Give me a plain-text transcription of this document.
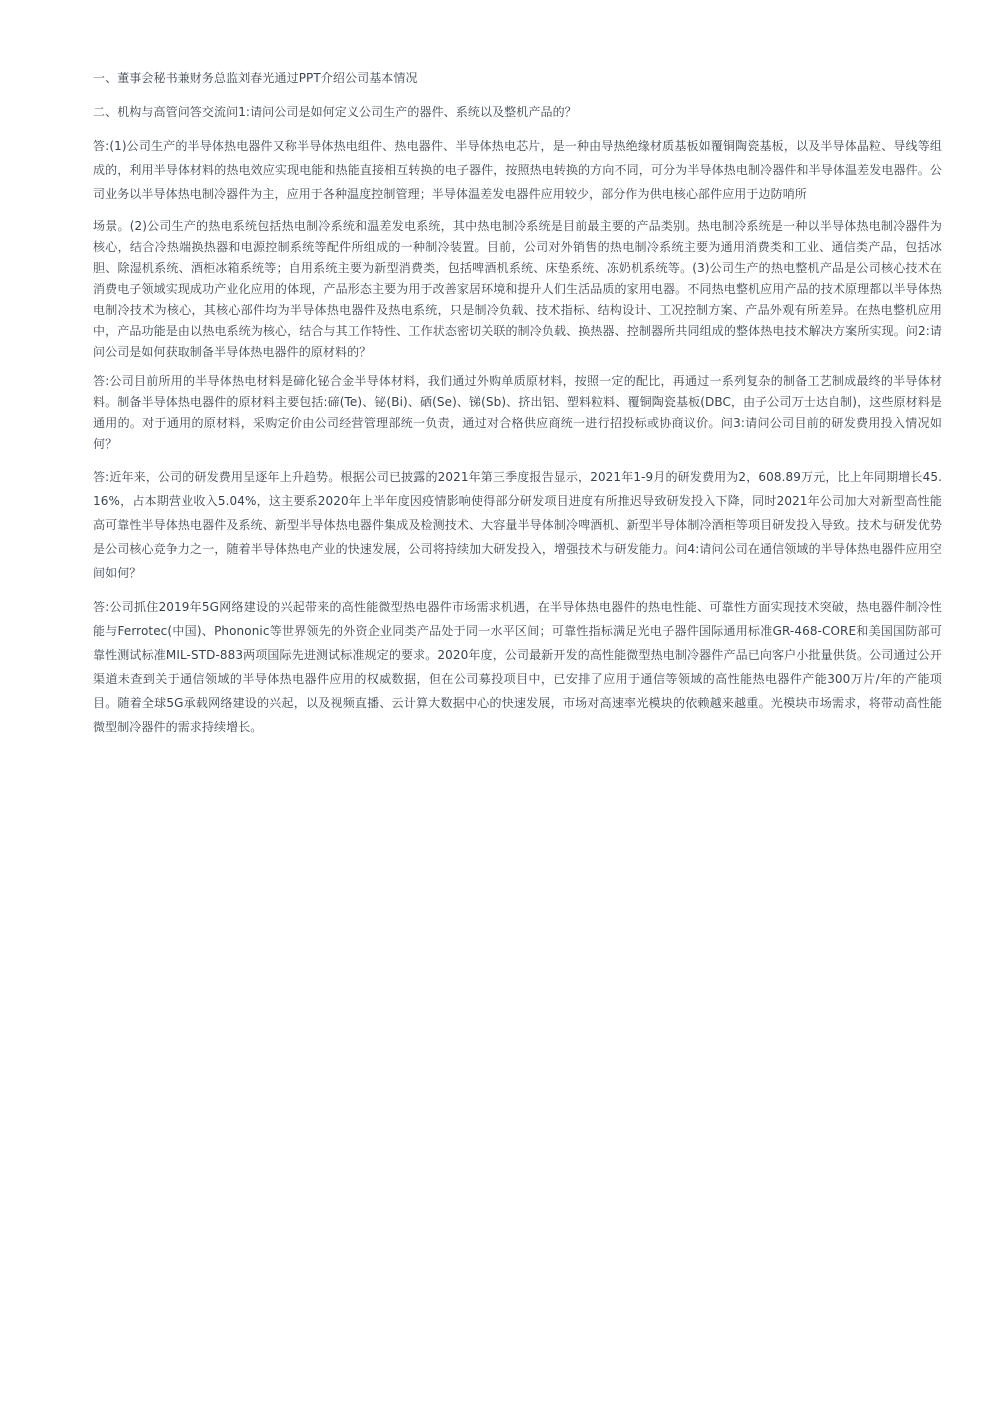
一、董事会秘书兼财务总监刘春光通过PPT介绍公司基本情况

二、机构与高管问答交流问1:请问公司是如何定义公司生产的器件、系统以及整机产品的？

答:(1)公司生产的半导体热电器件又称半导体热电组件、热电器件、半导体热电芯片，是一种由导热绝缘材质基板如覆铜陶瓷基板，以及半导体晶粒、导线等组成的，利用半导体材料的热电效应实现电能和热能直接相互转换的电子器件，按照热电转换的方向不同，可分为半导体热电制冷器件和半导体温差发电器件。公司业务以半导体热电制冷器件为主，应用于各种温度控制管理；半导体温差发电器件应用较少，部分作为供电核心部件应用于边防哨所

场景。(2)公司生产的热电系统包括热电制冷系统和温差发电系统，其中热电制冷系统是目前最主要的产品类别。热电制冷系统是一种以半导体热电制冷器件为核心，结合冷热端换热器和电源控制系统等配件所组成的一种制冷装置。目前，公司对外销售的热电制冷系统主要为通用消费类和工业、通信类产品，包括冰胆、除湿机系统、酒柜冰箱系统等；自用系统主要为新型消费类，包括啤酒机系统、床垫系统、冻奶机系统等。(3)公司生产的热电整机产品是公司核心技术在消费电子领域实现成功产业化应用的体现，产品形态主要为用于改善家居环境和提升人们生活品质的家用电器。不同热电整机应用产品的技术原理都以半导体热电制冷技术为核心，其核心部件均为半导体热电器件及热电系统，只是制冷负载、技术指标、结构设计、工况控制方案、产品外观有所差异。在热电整机应用中，产品功能是由以热电系统为核心，结合与其工作特性、工作状态密切关联的制冷负载、换热器、控制器所共同组成的整体热电技术解决方案所实现。问2:请问公司是如何获取制备半导体热电器件的原材料的？

答:公司目前所用的半导体热电材料是碲化铋合金半导体材料，我们通过外购单质原材料，按照一定的配比，再通过一系列复杂的制备工艺制成最终的半导体材料。制备半导体热电器件的原材料主要包括:碲(Te)、铋(Bi)、硒(Se)、锑(Sb)、挤出铝、塑料粒料、覆铜陶瓷基板(DBC，由子公司万士达自制)，这些原材料是通用的。对于通用的原材料，采购定价由公司经营管理部统一负责，通过对合格供应商统一进行招投标或协商议价。问3:请问公司目前的研发费用投入情况如何？

答:近年来，公司的研发费用呈逐年上升趋势。根据公司已披露的2021年第三季度报告显示，2021年1-9月的研发费用为2，608.89万元，比上年同期增长45.16%，占本期营业收入5.04%，这主要系2020年上半年度因疫情影响使得部分研发项目进度有所推迟导致研发投入下降，同时2021年公司加大对新型高性能高可靠性半导体热电器件及系统、新型半导体热电器件集成及检测技术、大容量半导体制冷啤酒机、新型半导体制冷酒柜等项目研发投入导致。技术与研发优势是公司核心竞争力之一，随着半导体热电产业的快速发展，公司将持续加大研发投入，增强技术与研发能力。问4:请问公司在通信领域的半导体热电器件应用空间如何？

答:公司抓住2019年5G网络建设的兴起带来的高性能微型热电器件市场需求机遇，在半导体热电器件的热电性能、可靠性方面实现技术突破，热电器件制冷性能与Ferrotec(中国)、Phononic等世界领先的外资企业同类产品处于同一水平区间；可靠性指标满足光电子器件国际通用标准GR-468-CORE和美国国防部可靠性测试标准MIL-STD-883两项国际先进测试标准规定的要求。2020年度，公司最新开发的高性能微型热电制冷器件产品已向客户小批量供货。公司通过公开渠道未查到关于通信领域的半导体热电器件应用的权威数据，但在公司募投项目中，已安排了应用于通信等领域的高性能热电器件产能300万片/年的产能项目。随着全球5G承载网络建设的兴起，以及视频直播、云计算大数据中心的快速发展，市场对高速率光模块的依赖越来越重。光模块市场需求，将带动高性能微型制冷器件的需求持续增长。
